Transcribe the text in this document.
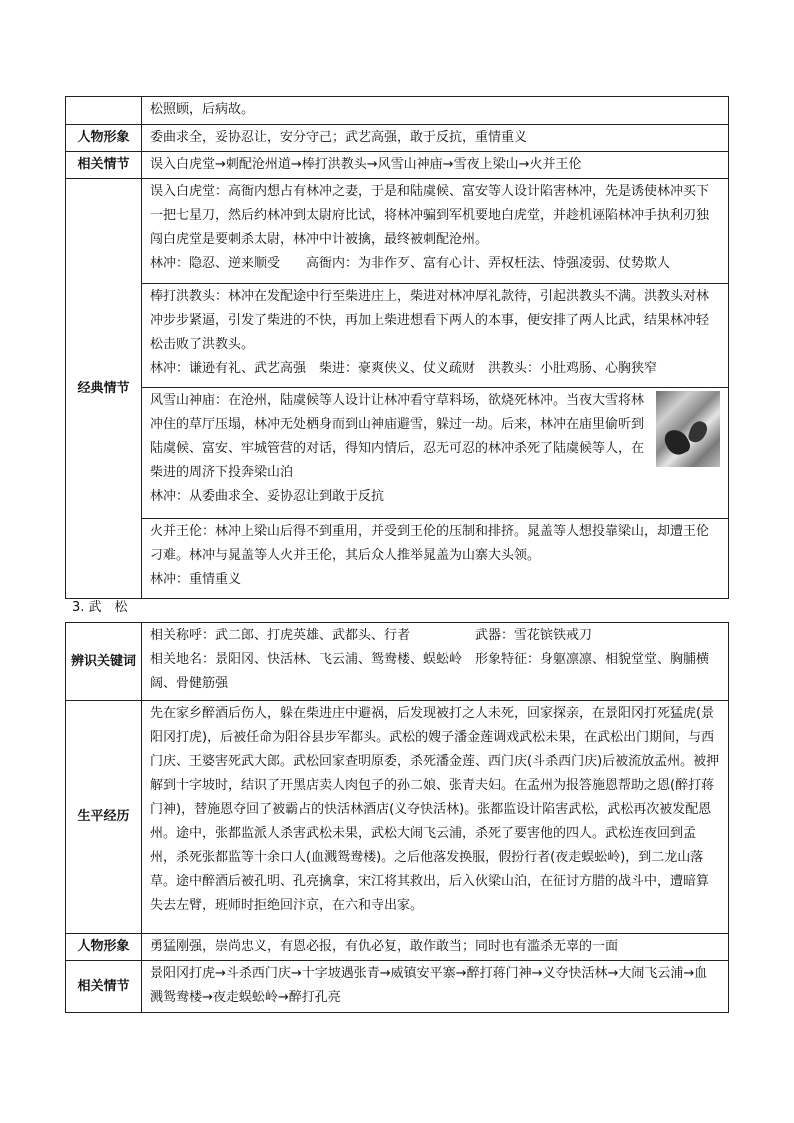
	松照顾，后病故。
人物形象	委曲求全，妥协忍让，安分守己；武艺高强，敢于反抗，重情重义
相关情节	误入白虎堂→刺配沧州道→棒打洪教头→风雪山神庙→雪夜上梁山→火并王伦
经典情节	误入白虎堂：高衙内想占有林冲之妻，于是和陆虞候、富安等人设计陷害林冲，先是诱使林冲买下一把七星刀，然后约林冲到太尉府比试，将林冲骗到军机要地白虎堂，并趁机诬陷林冲手执利刃独闯白虎堂是要刺杀太尉，林冲中计被擒，最终被刺配沧州。
林冲：隐忍、逆来顺受　　高衙内：为非作歹、富有心计、弄权枉法、恃强凌弱、仗势欺人

	棒打洪教头：林冲在发配途中行至柴进庄上，柴进对林冲厚礼款待，引起洪教头不满。洪教头对林冲步步紧逼，引发了柴进的不快，再加上柴进想看下两人的本事，便安排了两人比武，结果林冲轻松击败了洪教头。
林冲：谦逊有礼、武艺高强　柴进：豪爽侠义、仗义疏财　洪教头：小肚鸡肠、心胸狭窄

	风雪山神庙：在沧州，陆虞候等人设计让林冲看守草料场，欲烧死林冲。当夜大雪将林冲住的草厅压塌，林冲无处栖身而到山神庙避雪，躲过一劫。后来，林冲在庙里偷听到陆虞候、富安、牢城管营的对话，得知内情后，忍无可忍的林冲杀死了陆虞候等人，在柴进的周济下投奔梁山泊
林冲：从委曲求全、妥协忍让到敢于反抗

	火并王伦：林冲上梁山后得不到重用，并受到王伦的压制和排挤。晁盖等人想投靠梁山，却遭王伦刁难。林冲与晁盖等人火并王伦，其后众人推举晁盖为山寨大头领。
林冲：重情重义
3. 武　松
辨识关键词	相关称呼：武二郎、打虎英雄、武都头、行者　　　　　武器：雪花镔铁戒刀
相关地名：景阳冈、快活林、飞云浦、鸳鸯楼、蜈蚣岭　形象特征：身躯凛凛、相貌堂堂、胸脯横阔、骨健筋强

生平经历	先在家乡醉酒后伤人，躲在柴进庄中避祸，后发现被打之人未死，回家探亲，在景阳冈打死猛虎(景阳冈打虎)，后被任命为阳谷县步军都头。武松的嫂子潘金莲调戏武松未果，在武松出门期间，与西门庆、王婆害死武大郎。武松回家查明原委，杀死潘金莲、西门庆(斗杀西门庆)后被流放孟州。被押解到十字坡时，结识了开黑店卖人肉包子的孙二娘、张青夫妇。在孟州为报答施恩帮助之恩(醉打蒋门神)，替施恩夺回了被霸占的快活林酒店(义夺快活林)。张都监设计陷害武松，武松再次被发配恩州。途中，张都监派人杀害武松未果，武松大闹飞云浦，杀死了要害他的四人。武松连夜回到孟州，杀死张都监等十余口人(血溅鸳鸯楼)。之后他落发换服，假扮行者(夜走蜈蚣岭)，到二龙山落草。途中醉酒后被孔明、孔亮擒拿，宋江将其救出，后入伙梁山泊，在征讨方腊的战斗中，遭暗算失去左臂，班师时拒绝回汴京，在六和寺出家。
人物形象	勇猛刚强，崇尚忠义，有恩必报，有仇必复，敢作敢当；同时也有滥杀无辜的一面
相关情节	景阳冈打虎→斗杀西门庆→十字坡遇张青→威镇安平寨→醉打蒋门神→义夺快活林→大闹飞云浦→血溅鸳鸯楼→夜走蜈蚣岭→醉打孔亮
